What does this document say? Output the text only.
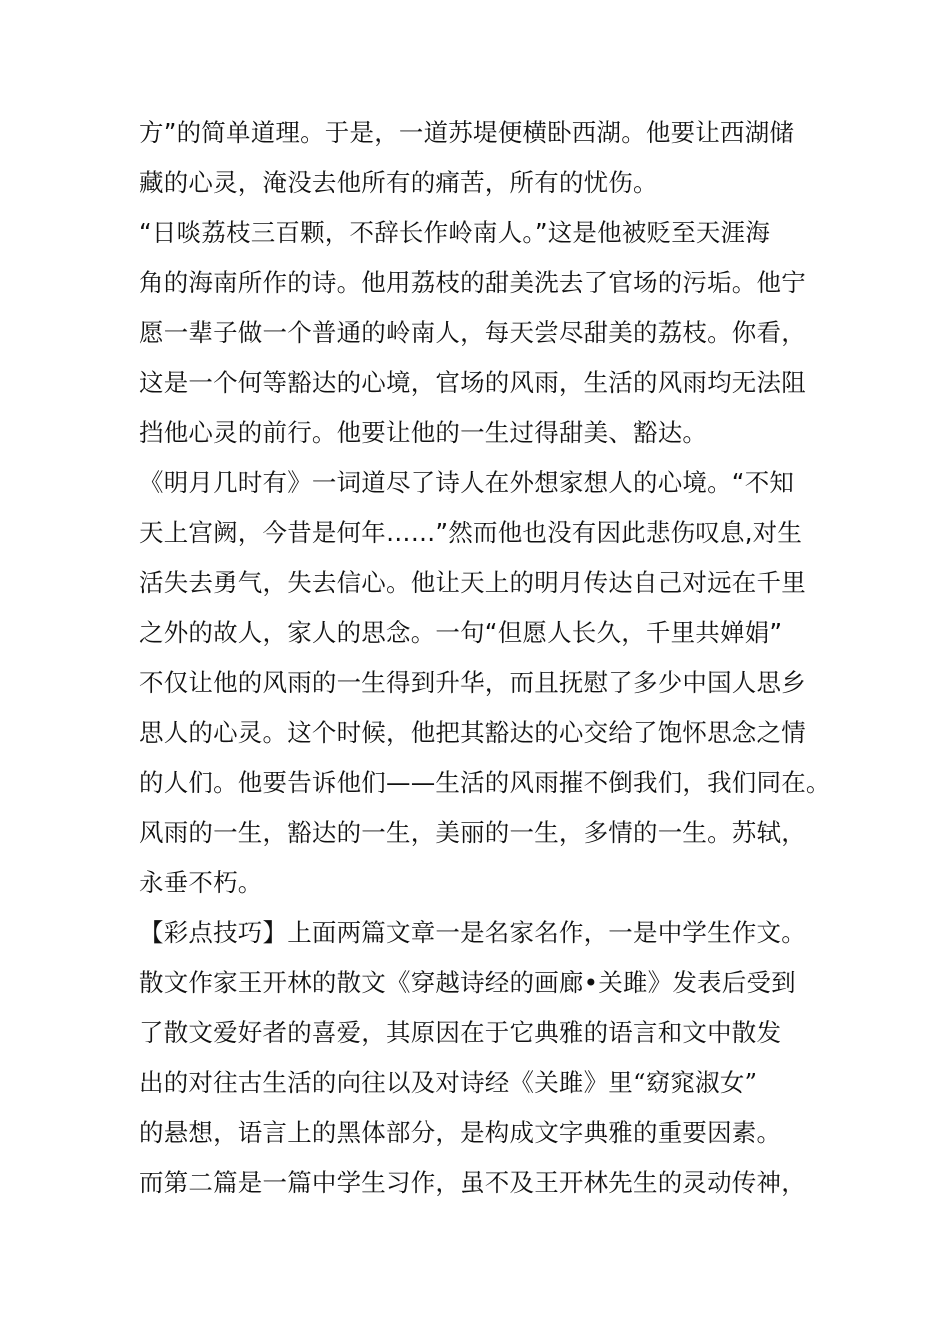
方”的简单道理。于是，一道苏堤便横卧西湖。他要让西湖储
藏的心灵，淹没去他所有的痛苦，所有的忧伤。
“日啖荔枝三百颗，不辞长作岭南人。”这是他被贬至天涯海
角的海南所作的诗。他用荔枝的甜美洗去了官场的污垢。他宁
愿一辈子做一个普通的岭南人，每天尝尽甜美的荔枝。你看，
这是一个何等豁达的心境，官场的风雨，生活的风雨均无法阻
挡他心灵的前行。他要让他的一生过得甜美、豁达。
《明月几时有》一词道尽了诗人在外想家想人的心境。“不知
天上宫阙，今昔是何年……”然而他也没有因此悲伤叹息,对生
活失去勇气，失去信心。他让天上的明月传达自己对远在千里
之外的故人，家人的思念。一句“但愿人长久，千里共婵娟”
不仅让他的风雨的一生得到升华，而且抚慰了多少中国人思乡
思人的心灵。这个时候，他把其豁达的心交给了饱怀思念之情
的人们。他要告诉他们——生活的风雨摧不倒我们，我们同在。
风雨的一生，豁达的一生，美丽的一生，多情的一生。苏轼，
永垂不朽。
【彩点技巧】上面两篇文章一是名家名作，一是中学生作文。
散文作家王开林的散文《穿越诗经的画廊•关雎》发表后受到
了散文爱好者的喜爱，其原因在于它典雅的语言和文中散发
出的对往古生活的向往以及对诗经《关雎》里“窈窕淑女”
的悬想，语言上的黑体部分，是构成文字典雅的重要因素。
而第二篇是一篇中学生习作，虽不及王开林先生的灵动传神，
